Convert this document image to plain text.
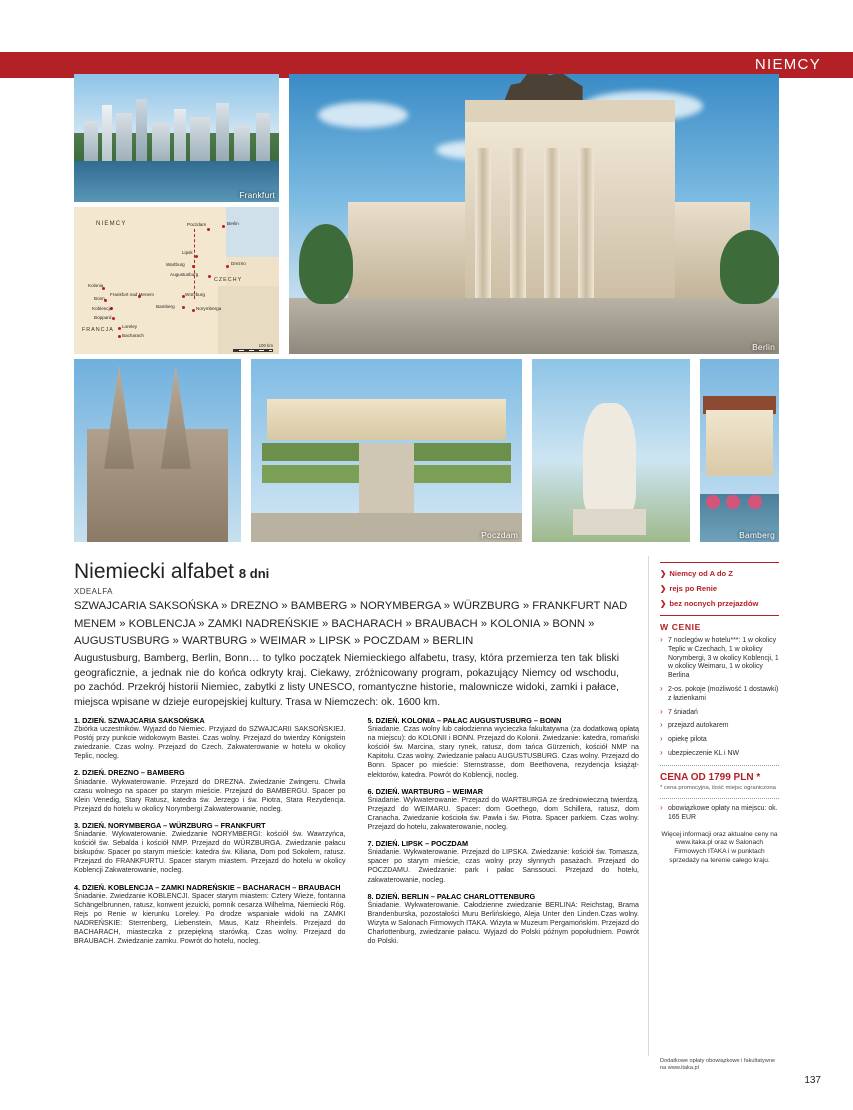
NIEMCY
Frankfurt
Berlin
NIEMCY
CZECHY
FRANCJA
Berlin
Poczdam
Drezno
Lipsk
Wartburg
Augustusburg
Würzburg
Norymberga
Bamberg
Frankfurt nad Menem
Kolonia
Bonn
Koblencja
Boppard
Loreley
Bacharach
100 km
Poczdam	Bamberg
Niemiecki alfabet 8 dni
XDEALFA
SZWAJCARIA SAKSOŃSKA » DREZNO » BAMBERG » NORYMBERGA » WÜRZBURG » FRANKFURT NAD MENEM » KOBLENCJA » ZAMKI NADREŃSKIE » BACHARACH » BRAUBACH » KOLONIA » BONN » AUGUSTUSBURG » WARTBURG » WEIMAR » LIPSK » POCZDAM » BERLIN
Augustusburg, Bamberg, Berlin, Bonn… to tylko początek Niemieckiego alfabetu, trasy, która przemierza ten tak bliski geograficznie, a jednak nie do końca odkryty kraj. Ciekawy, zróżnicowany program, pokazujący Niemcy od wschodu, po zachód. Przekrój historii Niemiec, zabytki z listy UNESCO, romantyczne historie, malownicze widoki, zamki i pałace, miejsca wpisane w dzieje europejskiej kultury. Trasa w Niemczech: ok. 1600 km.
1. DZIEŃ. SZWAJCARIA SAKSOŃSKA
Zbiórka uczestników. Wyjazd do Niemiec. Przyjazd do SZWAJCARII SAKSOŃSKIEJ. Postój przy punkcie widokowym Bastei. Czas wolny. Przejazd do twierdzy Königstein zwiedzanie. Czas wolny. Przejazd do Czech. Zakwaterowanie w hotelu w okolicy Teplic, nocleg.
2. DZIEŃ. DREZNO – BAMBERG
Śniadanie. Wykwaterowanie. Przejazd do DREZNA. Zwiedzanie Zwingeru. Chwila czasu wolnego na spacer po starym mieście. Przejazd do BAMBERGU. Spacer po Klein Venedig, Stary Ratusz, katedra św. Jerzego i św. Piotra, Stara Rezydencja. Przejazd do hotelu w okolicy Norymbergi Zakwaterowanie, nocleg.
3. DZIEŃ. NORYMBERGA – WÜRZBURG – FRANKFURT
Śniadanie. Wykwaterowanie. Zwiedzanie NORYMBERGI: kościół św. Wawrzyńca, kościół św. Sebalda i kościół NMP. Przejazd do WÜRZBURGA. Zwiedzanie pałacu biskupów. Spacer po starym mieście: katedra św. Kiliana, Dom pod Sokołem, ratusz. Przejazd do FRANKFURTU. Spacer starym miastem. Przejazd do hotelu w okolicy Koblencji Zakwaterowanie, nocleg.
4. DZIEŃ. KOBLENCJA – ZAMKI NADREŃSKIE – BACHARACH – BRAUBACH
Śniadanie. Zwiedzanie KOBLENCJI. Spacer starym miastem: Cztery Wieże, fontanna Schängelbrunnen, ratusz, konwent jezuicki, pomnik cesarza Wilhelma, Niemiecki Róg. Rejs po Renie w kierunku Loreley. Po drodze wspaniałe widoki na ZAMKI NADREŃSKIE: Sterrenberg, Liebenstein, Maus, Katz Rheinfels. Przejazd do BACHARACH, miasteczka z przepiękną starówką. Czas wolny. Przejazd do BRAUBACH. Zwiedzanie zamku. Powrót do hotelu, nocleg.
5. DZIEŃ. KOLONIA – PAŁAC AUGUSTUSBURG – BONN
Śniadanie. Czas wolny lub całodzienna wycieczka fakultatywna (za dodatkową opłatą na miejscu): do KOLONII i BONN. Przejazd do Kolonii. Zwiedzanie: katedra, romański kościół św. Marcina, stary rynek, ratusz, dom tańca Gürzenich, kościół NMP na Kapitolu. Czas wolny. Zwiedzanie pałacu AUGUSTUSBURG. Czas wolny. Przejazd do Bonn. Spacer po mieście: Sternstrasse, dom Beethovena, rezydencja książąt-elektorów, katedra. Powrót do Koblencji, nocleg.
6. DZIEŃ. WARTBURG – WEIMAR
Śniadanie. Wykwaterowanie. Przejazd do WARTBURGA ze średniowieczną twierdzą. Przejazd do WEIMARU. Spacer: dom Goethego, dom Schillera, ratusz, dom Cranacha. Zwiedzanie kościoła św. Pawła i św. Piotra. Spacer parkiem. Czas wolny. Przejazd do hotelu, zakwaterowanie, nocleg.
7. DZIEŃ. LIPSK – POCZDAM
Śniadanie. Wykwaterowanie. Przejazd do LIPSKA. Zwiedzanie: kościół św. Tomasza, spacer po starym mieście, czas wolny przy słynnych pasażach. Przejazd do POCZDAMU. Zwiedzanie: park i pałac Sanssouci. Przejazd do hotelu, zakwaterowanie, nocleg.
8. DZIEŃ. BERLIN – PAŁAC CHARLOTTENBURG
Śniadanie. Wykwaterowanie. Całodzienne zwiedzanie BERLINA: Reichstag, Brama Brandenburska, pozostałości Muru Berlińskiego, Aleja Unter den Linden.Czas wolny. Wizyta w Salonach Firmowych ITAKA. Wizyta w Muzeum Pergamońskim. Przejazd do Charlottenburg, zwiedzanie pałacu. Wyjazd do Polski późnym popołudniem. Powrót do Polski.
❯ Niemcy od A do Z
❯ rejs po Renie
❯ bez nocnych przejazdów
W CENIE
› 7 noclegów w hotelu***: 1 w okolicy Teplic w Czechach, 1 w okolicy Norymbergi, 3 w okolicy Koblencji, 1 w okolicy Weimaru, 1 w okolicy Berlina
› 2-os. pokoje (możliwość 1 dostawki) z łazienkami
› 7 śniadań
› przejazd autokarem
› opiekę pilota
› ubezpieczenie KL i NW
CENA OD 1799 PLN *
* cena promocyjna, ilość miejsc ograniczona
› obowiązkowe opłaty na miejscu: ok. 165 EUR
Więcej informacji oraz aktualne ceny na www.itaka.pl oraz w Salonach Firmowych ITAKA i w punktach sprzedaży na terenie całego kraju.
Dodatkowe opłaty obowiązkowe i fakultatywne na www.itaka.pl
137
